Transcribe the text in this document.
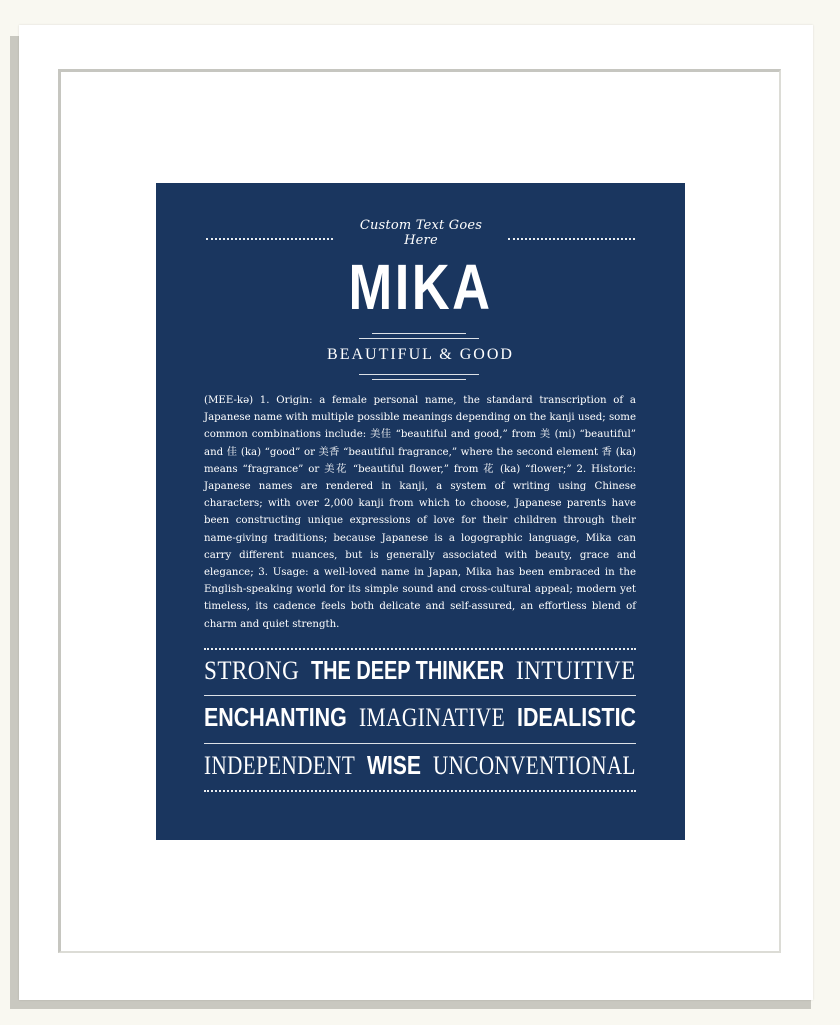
Custom Text Goes Here
MIKA
BEAUTIFUL & GOOD

(MEE-kə) 1. Origin: a female personal name, the standard transcription of a Japanese name with multiple possible meanings depending on the kanji used; some common combinations include: 美佳 “beautiful and good,” from 美 (mi) “beautiful” and 佳 (ka) “good” or 美香 “beautiful fragrance,” where the second element 香 (ka) means “fragrance” or 美花 “beautiful flower,” from 花 (ka) “flower;” 2. Historic: Japanese names are rendered in kanji, a system of writing using Chinese characters; with over 2,000 kanji from which to choose, Japanese parents have been constructing unique expressions of love for their children through their name-giving traditions; because Japanese is a logographic language, Mika can carry different nuances, but is generally associated with beauty, grace and elegance; 3. Usage: a well-loved name in Japan, Mika has been embraced in the English-speaking world for its simple sound and cross-cultural appeal; modern yet timeless, its cadence feels both delicate and self-assured, an effortless blend of charm and quiet strength.

STRONG THE DEEP THINKER INTUITIVE
ENCHANTING IMAGINATIVE IDEALISTIC
INDEPENDENT WISE UNCONVENTIONAL
